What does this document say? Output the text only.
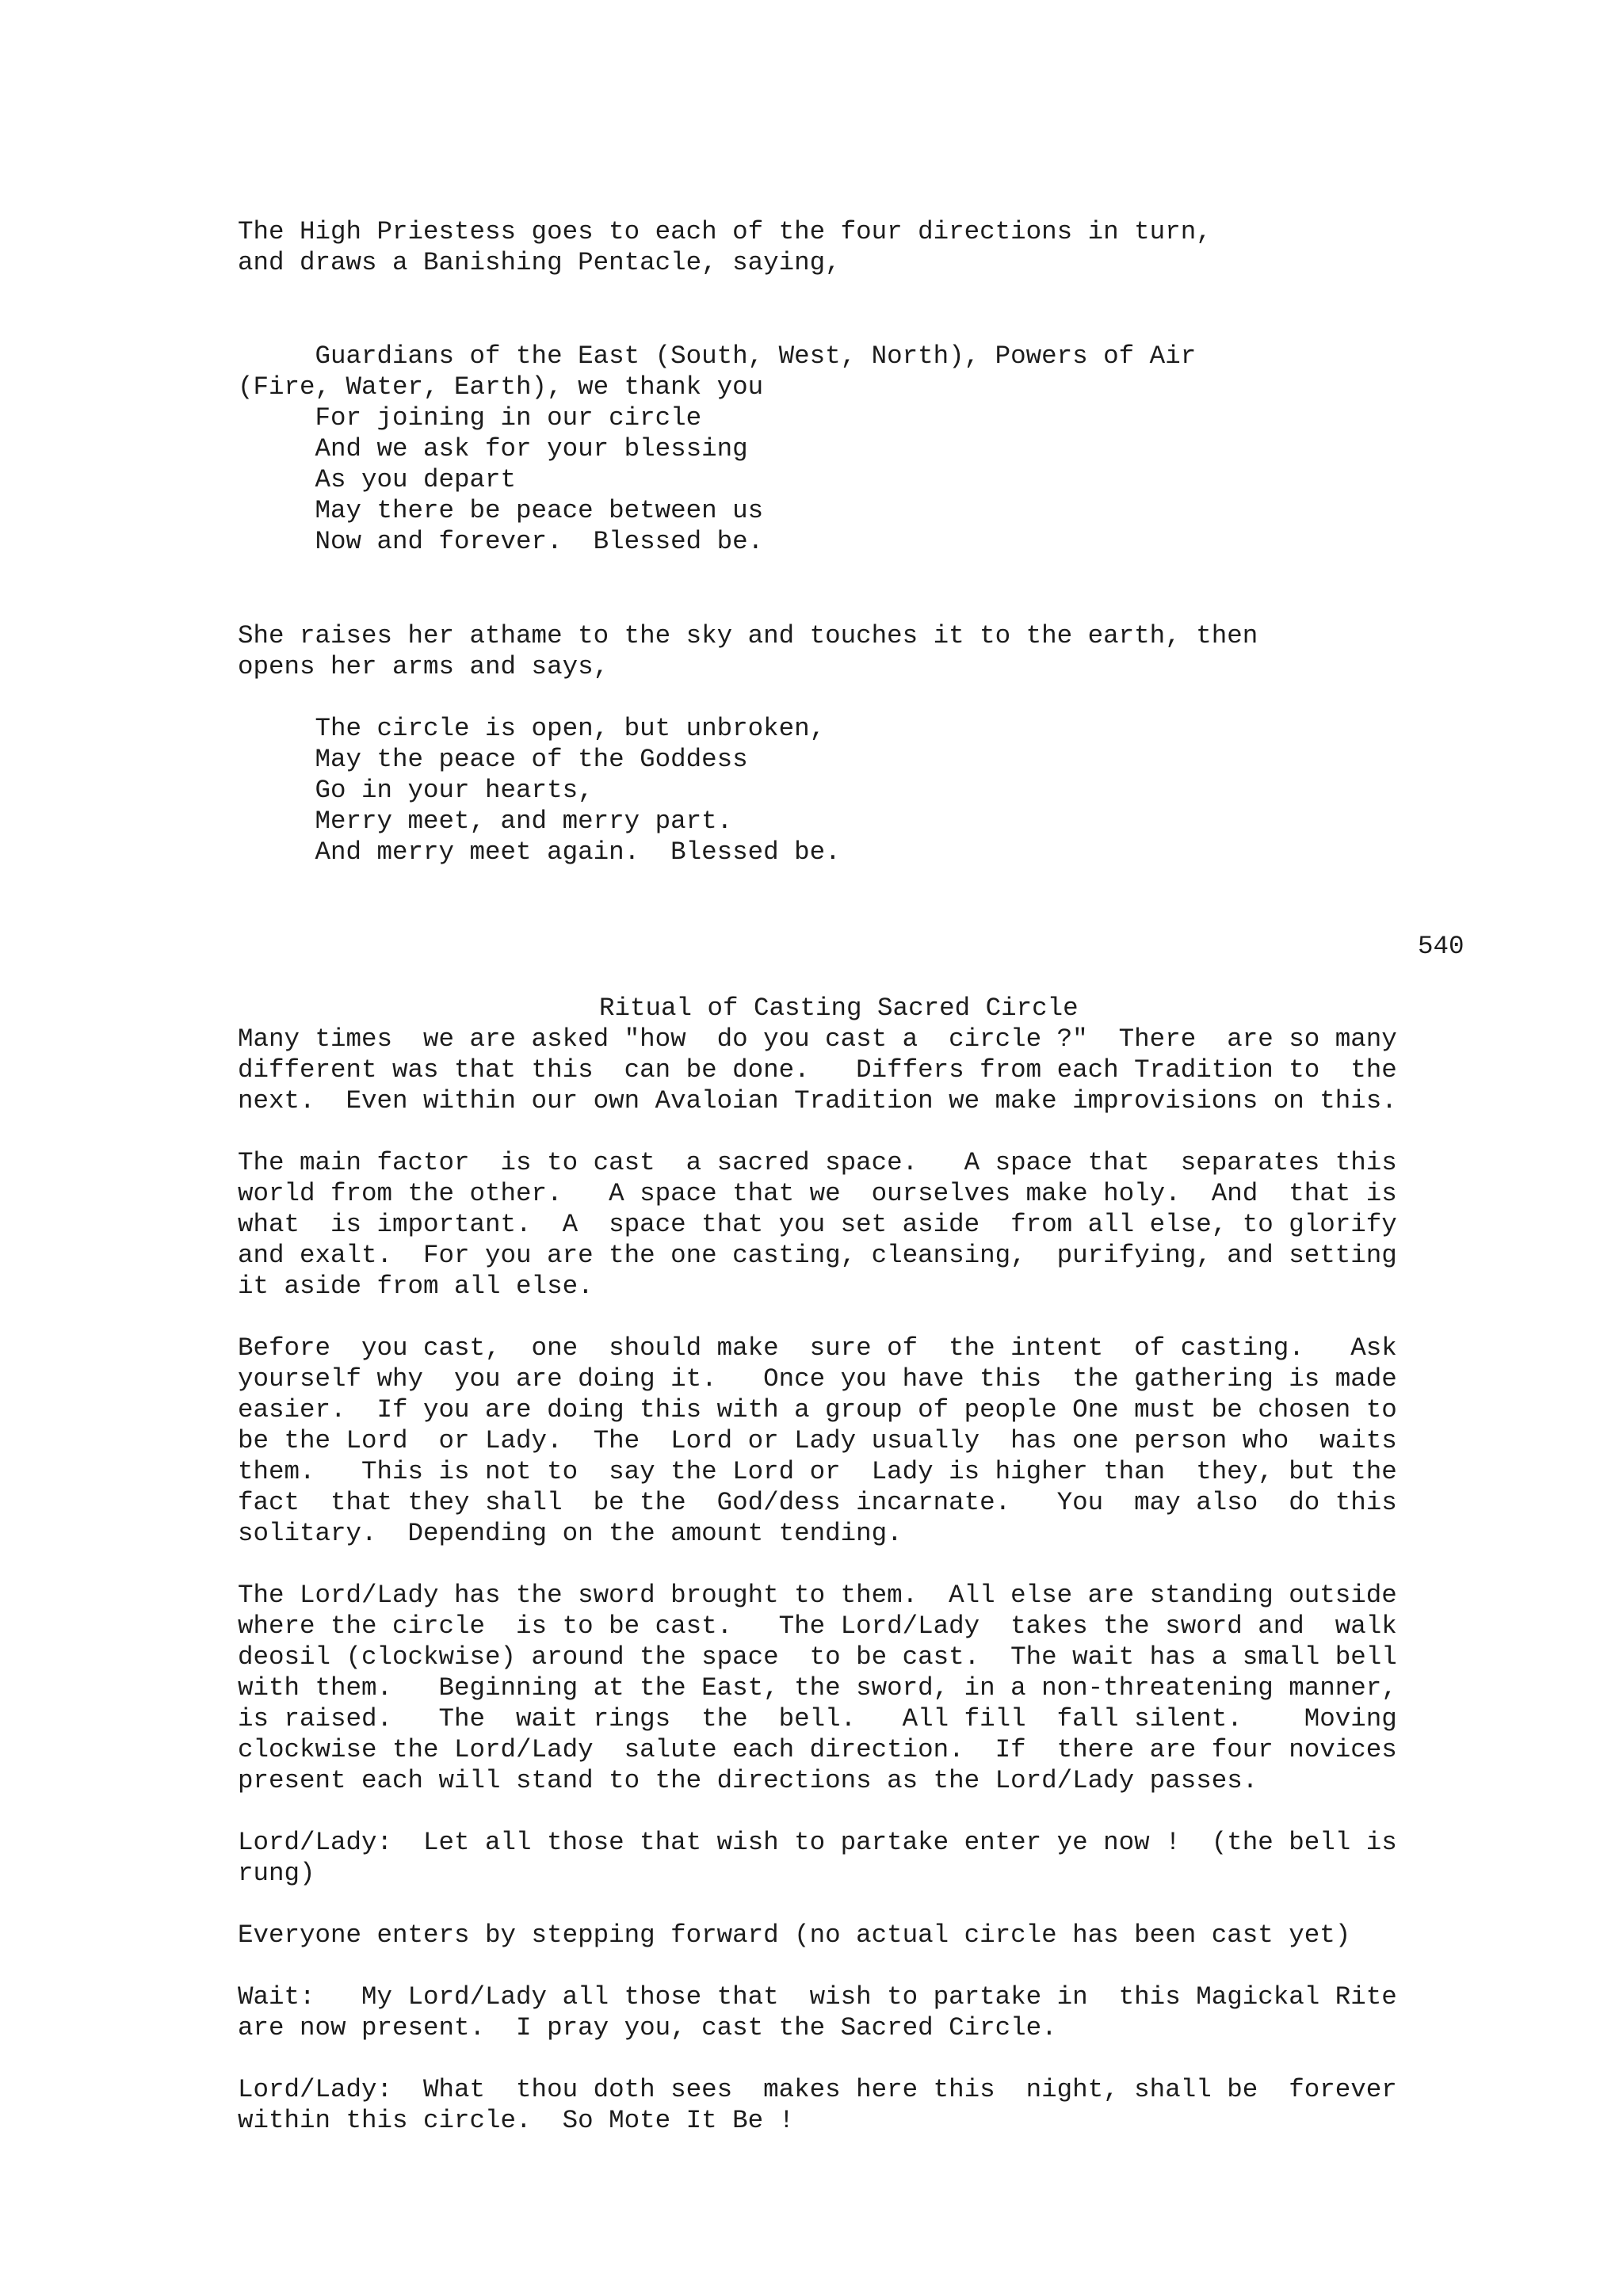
The High Priestess goes to each of the four directions in turn,
and draws a Banishing Pentacle, saying,
Guardians of the East (South, West, North), Powers of Air
(Fire, Water, Earth), we thank you
For joining in our circle
And we ask for your blessing
As you depart
May there be peace between us
Now and forever.  Blessed be.
She raises her athame to the sky and touches it to the earth, then
opens her arms and says,
The circle is open, but unbroken,
May the peace of the Goddess
Go in your hearts,
Merry meet, and merry part.
And merry meet again.  Blessed be.
540
Ritual of Casting Sacred Circle
Many times  we are asked "how  do you cast a  circle ?"  There  are so many
different was that this  can be done.   Differs from each Tradition to  the
next.  Even within our own Avaloian Tradition we make improvisions on this.
The main factor  is to cast  a sacred space.   A space that  separates this
world from the other.   A space that we  ourselves make holy.  And  that is
what  is important.  A  space that you set aside  from all else, to glorify
and exalt.  For you are the one casting, cleansing,  purifying, and setting
it aside from all else.
Before  you cast,  one  should make  sure of  the intent  of casting.   Ask
yourself why  you are doing it.   Once you have this  the gathering is made
easier.  If you are doing this with a group of people One must be chosen to
be the Lord  or Lady.  The  Lord or Lady usually  has one person who  waits
them.   This is not to  say the Lord or  Lady is higher than  they, but the
fact  that they shall  be the  God/dess incarnate.   You  may also  do this
solitary.  Depending on the amount tending.
The Lord/Lady has the sword brought to them.  All else are standing outside
where the circle  is to be cast.   The Lord/Lady  takes the sword and  walk
deosil (clockwise) around the space  to be cast.  The wait has a small bell
with them.   Beginning at the East, the sword, in a non-threatening manner,
is raised.   The  wait rings  the  bell.   All fill  fall silent.    Moving
clockwise the Lord/Lady  salute each direction.  If  there are four novices
present each will stand to the directions as the Lord/Lady passes.
Lord/Lady:  Let all those that wish to partake enter ye now !  (the bell is
rung)
Everyone enters by stepping forward (no actual circle has been cast yet)
Wait:   My Lord/Lady all those that  wish to partake in  this Magickal Rite
are now present.  I pray you, cast the Sacred Circle.
Lord/Lady:  What  thou doth sees  makes here this  night, shall be  forever
within this circle.  So Mote It Be !
